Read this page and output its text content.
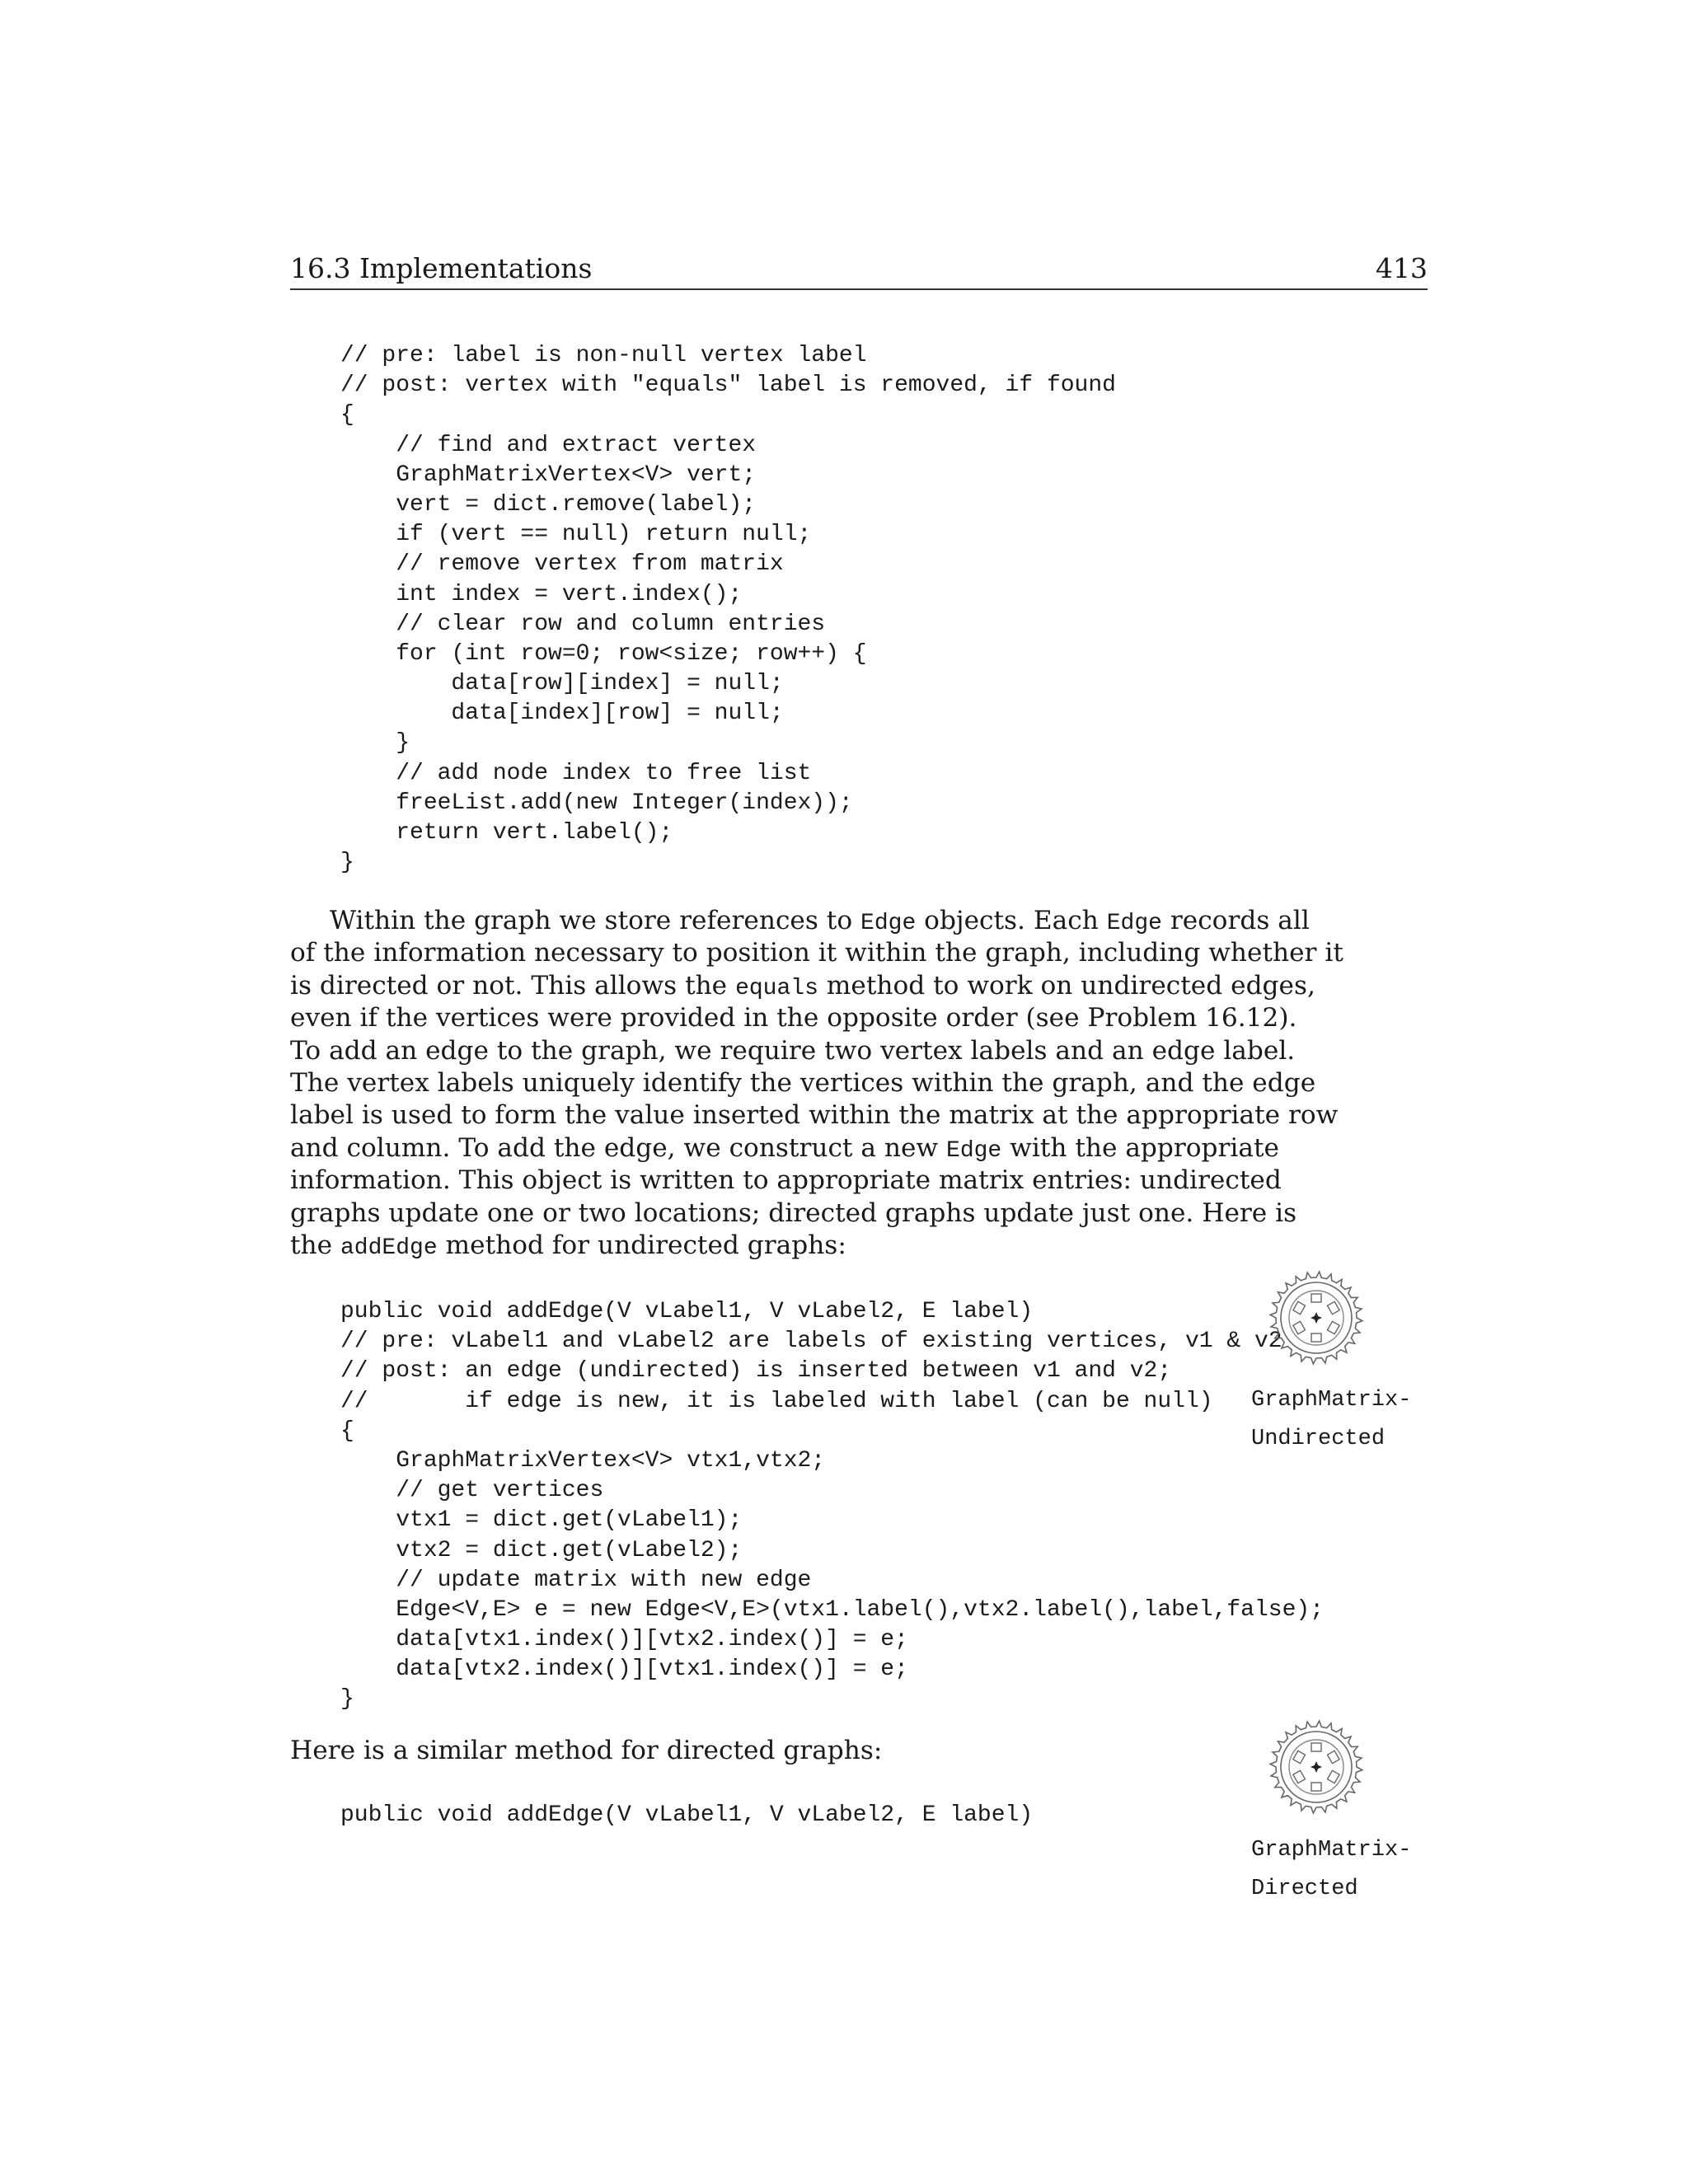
16.3 Implementations	413
// pre: label is non-null vertex label
// post: vertex with "equals" label is removed, if found
{
// find and extract vertex
GraphMatrixVertex<V> vert;
vert = dict.remove(label);
if (vert == null) return null;
// remove vertex from matrix
int index = vert.index();
// clear row and column entries
for (int row=0; row<size; row++) {
data[row][index] = null;
data[index][row] = null;
}
// add node index to free list
freeList.add(new Integer(index));
return vert.label();
}
Within the graph we store references to Edge objects. Each Edge records all
of the information necessary to position it within the graph, including whether it
is directed or not. This allows the equals method to work on undirected edges,
even if the vertices were provided in the opposite order (see Problem 16.12).
To add an edge to the graph, we require two vertex labels and an edge label.
The vertex labels uniquely identify the vertices within the graph, and the edge
label is used to form the value inserted within the matrix at the appropriate row
and column. To add the edge, we construct a new Edge with the appropriate
information. This object is written to appropriate matrix entries: undirected
graphs update one or two locations; directed graphs update just one. Here is
the addEdge method for undirected graphs:
public void addEdge(V vLabel1, V vLabel2, E label)
// pre: vLabel1 and vLabel2 are labels of existing vertices, v1 & v2
// post: an edge (undirected) is inserted between v1 and v2;
//       if edge is new, it is labeled with label (can be null)
{
GraphMatrixVertex<V> vtx1,vtx2;
// get vertices
vtx1 = dict.get(vLabel1);
vtx2 = dict.get(vLabel2);
// update matrix with new edge
Edge<V,E> e = new Edge<V,E>(vtx1.label(),vtx2.label(),label,false);
data[vtx1.index()][vtx2.index()] = e;
data[vtx2.index()][vtx1.index()] = e;
}
GraphMatrix-
Undirected
Here is a similar method for directed graphs:
GraphMatrix-
Directed
public void addEdge(V vLabel1, V vLabel2, E label)
